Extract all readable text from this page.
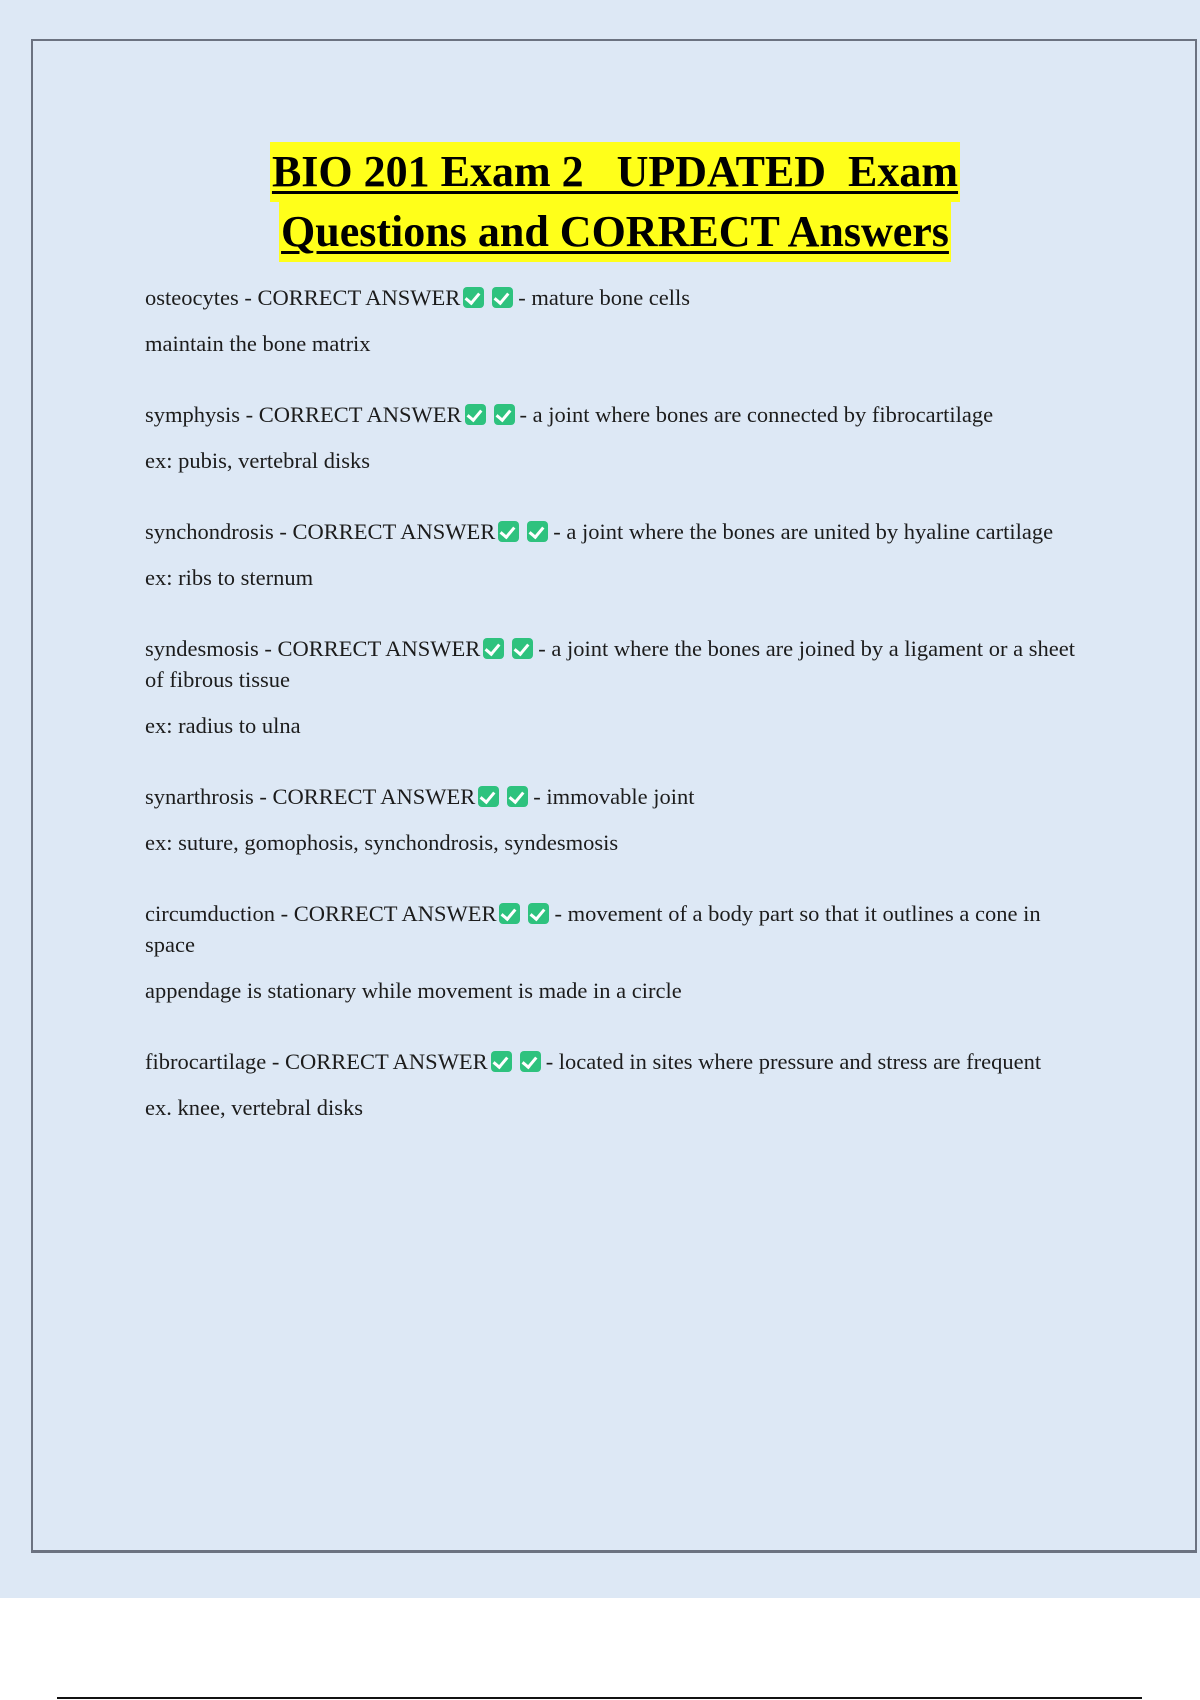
BIO 201 Exam 2   UPDATED  Exam
Questions and CORRECT Answers

osteocytes - CORRECT ANSWER	- mature bone cells

maintain the bone matrix

symphysis - CORRECT ANSWER	- a joint where bones are connected by fibrocartilage

ex: pubis, vertebral disks

synchondrosis - CORRECT ANSWER	- a joint where the bones are united by hyaline cartilage

ex: ribs to sternum

syndesmosis - CORRECT ANSWER	- a joint where the bones are joined by a ligament or a sheet of fibrous tissue

ex: radius to ulna

synarthrosis - CORRECT ANSWER	- immovable joint

ex: suture, gomophosis, synchondrosis, syndesmosis

circumduction - CORRECT ANSWER	- movement of a body part so that it outlines a cone in space

appendage is stationary while movement is made in a circle

fibrocartilage - CORRECT ANSWER	- located in sites where pressure and stress are frequent

ex. knee, vertebral disks
